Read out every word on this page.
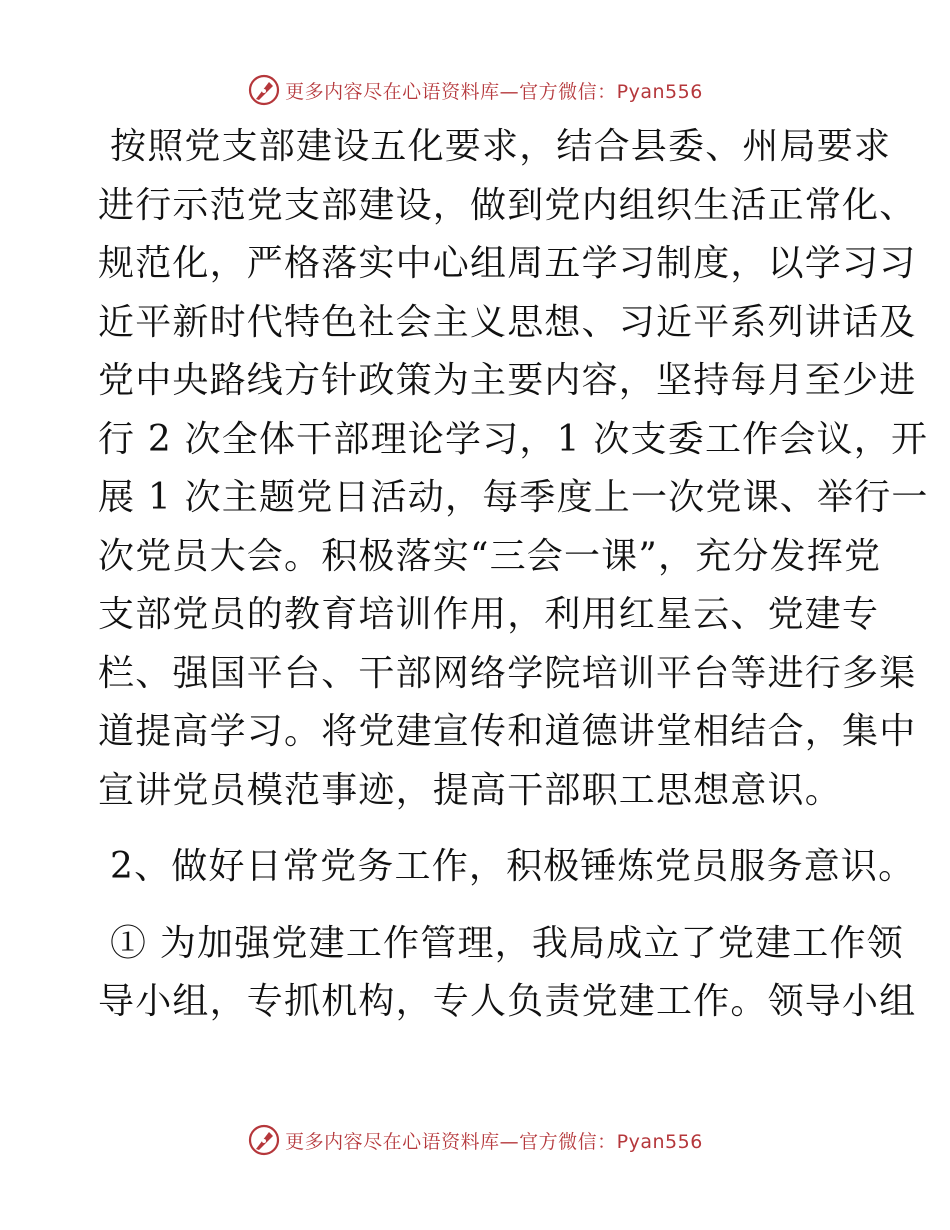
更多内容尽在心语资料库—官方微信：Pyan556
按照党支部建设五化要求，结合县委、州局要求
进行示范党支部建设，做到党内组织生活正常化、
规范化，严格落实中心组周五学习制度，以学习习
近平新时代特色社会主义思想、习近平系列讲话及
党中央路线方针政策为主要内容，坚持每月至少进
行 2 次全体干部理论学习，1 次支委工作会议，开
展 1 次主题党日活动，每季度上一次党课、举行一
次党员大会。积极落实“三会一课”，充分发挥党
支部党员的教育培训作用，利用红星云、党建专
栏、强国平台、干部网络学院培训平台等进行多渠
道提高学习。将党建宣传和道德讲堂相结合，集中
宣讲党员模范事迹，提高干部职工思想意识。
2、做好日常党务工作，积极锤炼党员服务意识。
① 为加强党建工作管理，我局成立了党建工作领
导小组，专抓机构，专人负责党建工作。领导小组
更多内容尽在心语资料库—官方微信：Pyan556
